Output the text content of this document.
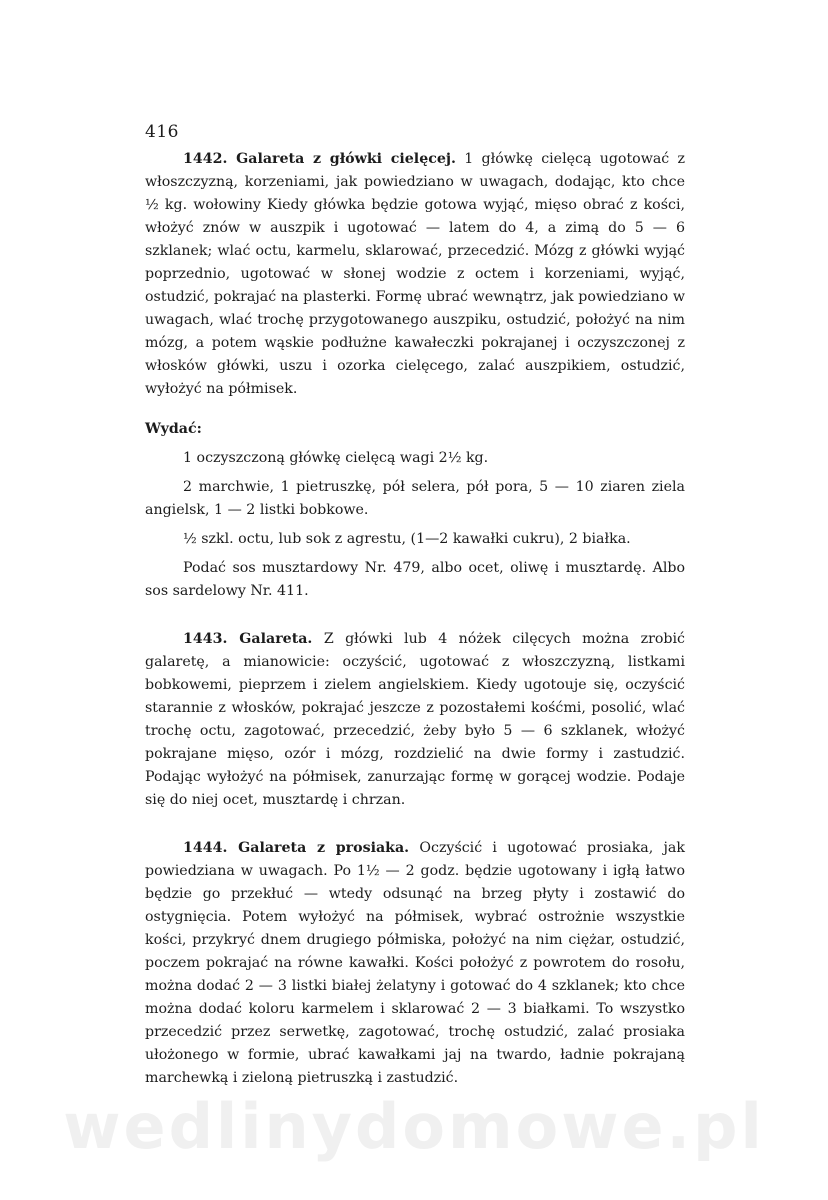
416

1442. Galareta z główki cielęcej. 1 główkę cielęcą ugotować z włoszczyzną, korzeniami, jak powiedziano w uwagach, dodając, kto chce ½ kg. wołowiny Kiedy główka będzie gotowa wyjąć, mięso obrać z kości, włożyć znów w auszpik i ugotować — latem do 4, a zimą do 5 — 6 szklanek; wlać octu, karmelu, sklarować, przecedzić. Mózg z główki wyjąć poprzednio, ugotować w słonej wodzie z octem i korzeniami, wyjąć, ostudzić, pokrajać na plasterki. Formę ubrać wewnątrz, jak powiedziano w uwagach, wlać trochę przygotowanego auszpiku, ostudzić, położyć na nim mózg, a potem wąskie podłużne kawałeczki pokrajanej i oczyszczonej z włosków główki, uszu i ozorka cielęcego, zalać auszpikiem, ostudzić, wyłożyć na półmisek.

Wydać:
1 oczyszczoną główkę cielęcą wagi 2½ kg.
2 marchwie, 1 pietruszkę, pół selera, pół pora, 5 — 10 ziaren ziela angielsk, 1 — 2 listki bobkowe.
½ szkl. octu, lub sok z agrestu, (1—2 kawałki cukru), 2 białka.
Podać sos musztardowy Nr. 479, albo ocet, oliwę i musztardę. Albo sos sardelowy Nr. 411.

1443. Galareta. Z główki lub 4 nóżek cilęcych można zrobić galaretę, a mianowicie: oczyścić, ugotować z włoszczyzną, listkami bobkowemi, pieprzem i zielem angielskiem. Kiedy ugotouje się, oczyścić starannie z włosków, pokrajać jeszcze z pozostałemi kośćmi, posolić, wlać trochę octu, zagotować, przecedzić, żeby było 5 — 6 szklanek, włożyć pokrajane mięso, ozór i mózg, rozdzielić na dwie formy i zastudzić. Podając wyłożyć na półmisek, zanurzając formę w gorącej wodzie. Podaje się do niej ocet, musztardę i chrzan.

1444. Galareta z prosiaka. Oczyścić i ugotować prosiaka, jak powiedziana w uwagach. Po 1½ — 2 godz. będzie ugotowany i igłą łatwo będzie go przekłuć — wtedy odsunąć na brzeg płyty i zostawić do ostygnięcia. Potem wyłożyć na półmisek, wybrać ostrożnie wszystkie kości, przykryć dnem drugiego półmiska, położyć na nim ciężar, ostudzić, poczem pokrajać na równe kawałki. Kości położyć z powrotem do rosołu, można dodać 2 — 3 listki białej żelatyny i gotować do 4 szklanek; kto chce można dodać koloru karmelem i sklarować 2 — 3 białkami. To wszystko przecedzić przez serwetkę, zagotować, trochę ostudzić, zalać prosiaka ułożonego w formie, ubrać kawałkami jaj na twardo, ładnie pokrajaną marchewką i zieloną pietruszką i zastudzić.

wedlinydomowe.pl
